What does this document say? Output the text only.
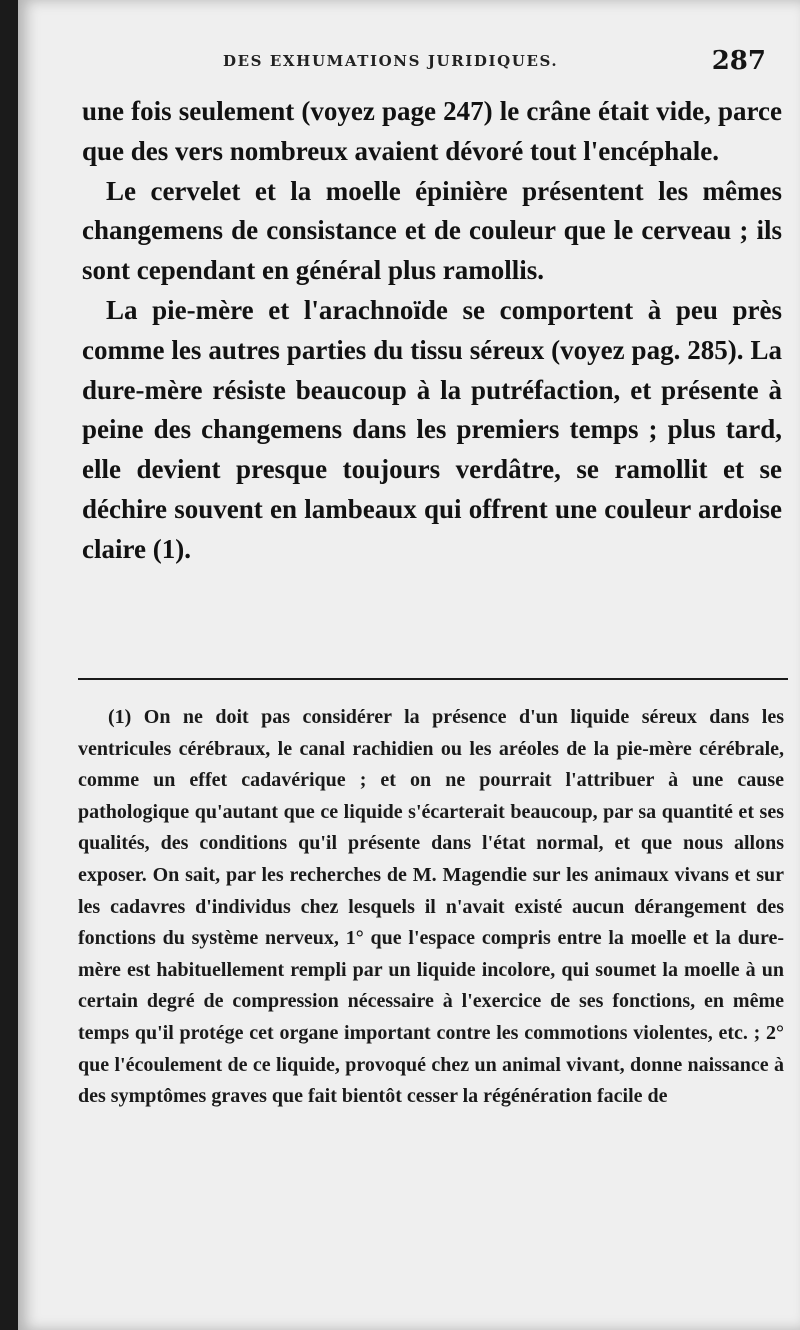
DES EXHUMATIONS JURIDIQUES.	287

une fois seulement (voyez page 247) le crâne était vide, parce que des vers nombreux avaient dévoré tout l'encéphale.

Le cervelet et la moelle épinière présentent les mêmes changemens de consistance et de couleur que le cerveau ; ils sont cependant en général plus ramollis.

La pie-mère et l'arachnoïde se comportent à peu près comme les autres parties du tissu séreux (voyez pag. 285). La dure-mère résiste beaucoup à la putréfaction, et présente à peine des changemens dans les premiers temps ; plus tard, elle devient presque toujours verdâtre, se ramollit et se déchire souvent en lambeaux qui offrent une couleur ardoise claire (1).

(1) On ne doit pas considérer la présence d'un liquide séreux dans les ventricules cérébraux, le canal rachidien ou les aréoles de la pie-mère cérébrale, comme un effet cadavérique ; et on ne pourrait l'attribuer à une cause pathologique qu'autant que ce liquide s'écarterait beaucoup, par sa quantité et ses qualités, des conditions qu'il présente dans l'état normal, et que nous allons exposer. On sait, par les recherches de M. Magendie sur les animaux vivans et sur les cadavres d'individus chez lesquels il n'avait existé aucun dérangement des fonctions du système nerveux, 1° que l'espace compris entre la moelle et la dure-mère est habituellement rempli par un liquide incolore, qui soumet la moelle à un certain degré de compression nécessaire à l'exercice de ses fonctions, en même temps qu'il protége cet organe important contre les commotions violentes, etc. ; 2° que l'écoulement de ce liquide, provoqué chez un animal vivant, donne naissance à des symptômes graves que fait bientôt cesser la régénération facile de
